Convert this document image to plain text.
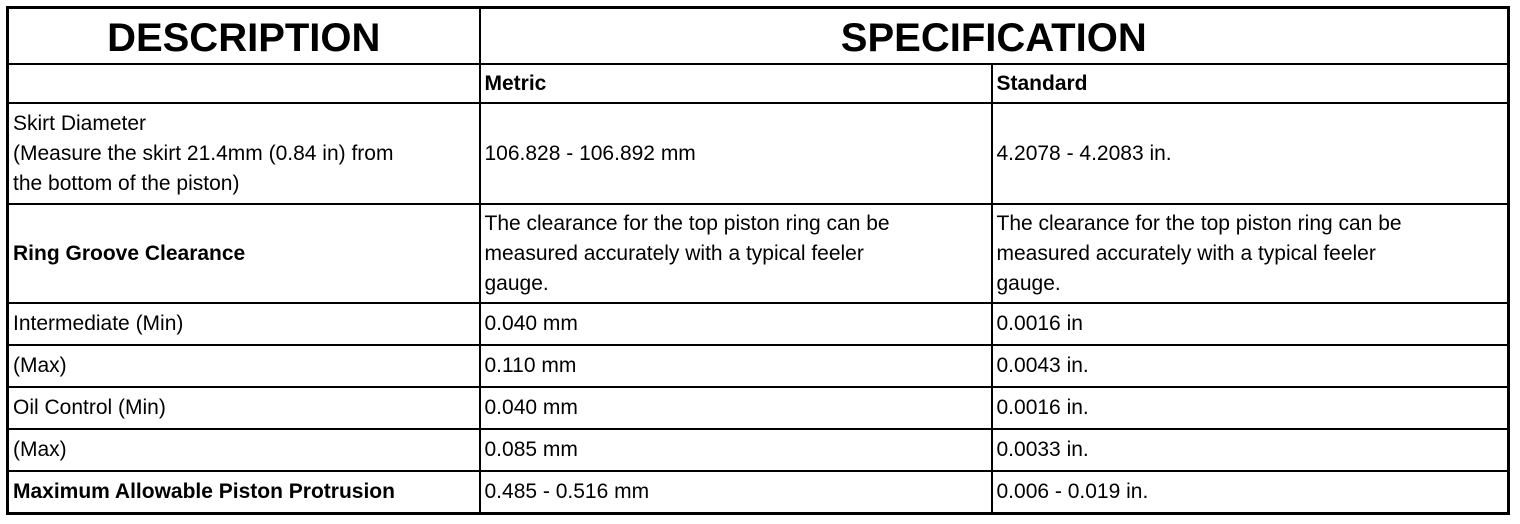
DESCRIPTION	SPECIFICATION	
	Metric	Standard

Skirt Diameter
(Measure the skirt 21.4mm (0.84 in) from
the bottom of the piston)	106.828 - 106.892 mm	4.2078 - 4.2083 in.
Ring Groove Clearance	The clearance for the top piston ring can be
measured accurately with a typical feeler
gauge.	The clearance for the top piston ring can be
measured accurately with a typical feeler
gauge.

Intermediate (Min)	0.040 mm	0.0016 in
(Max)	0.110 mm	0.0043 in.
Oil Control (Min)	0.040 mm	0.0016 in.
(Max)	0.085 mm	0.0033 in.
Maximum Allowable Piston Protrusion	0.485 - 0.516 mm	0.006 - 0.019 in.
